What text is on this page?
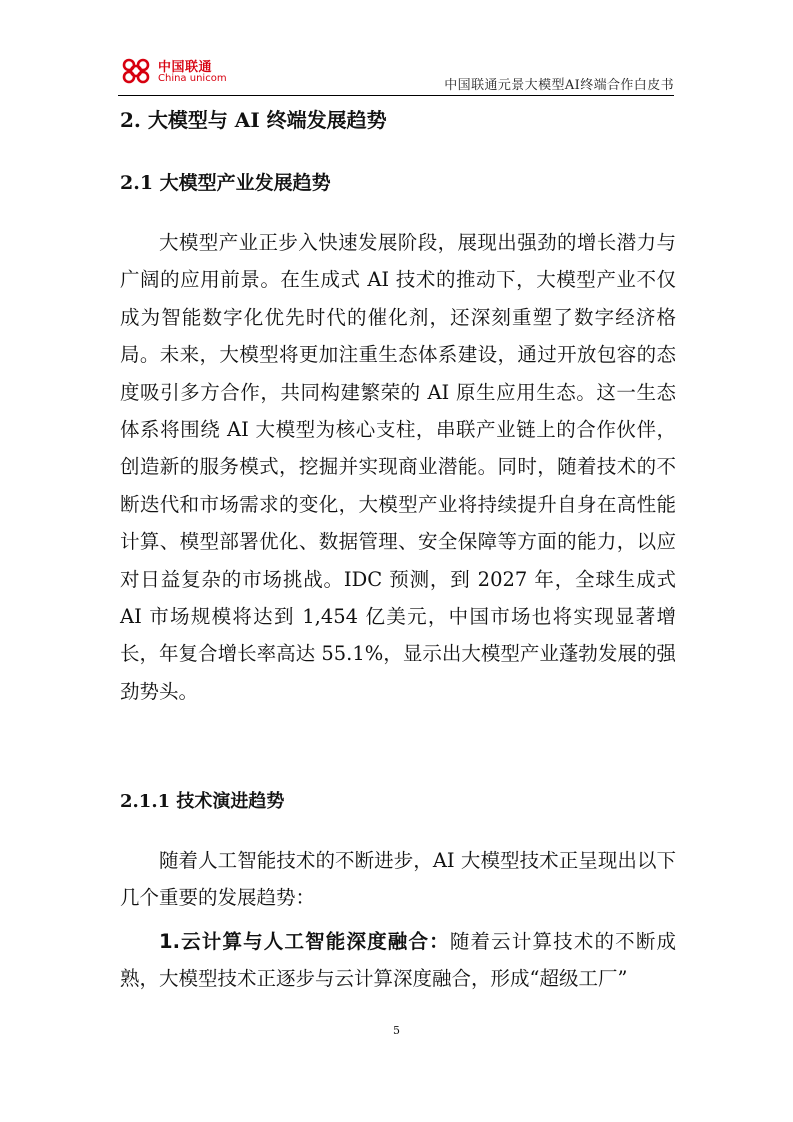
中国联通
China unicom	中国联通元景大模型AI终端合作白皮书
2. 大模型与 AI 终端发展趋势
2.1 大模型产业发展趋势

大模型产业正步入快速发展阶段，展现出强劲的增长潜力与广阔的应用前景。在生成式 AI 技术的推动下，大模型产业不仅成为智能数字化优先时代的催化剂，还深刻重塑了数字经济格局。未来，大模型将更加注重生态体系建设，通过开放包容的态度吸引多方合作，共同构建繁荣的 AI 原生应用生态。这一生态体系将围绕 AI 大模型为核心支柱，串联产业链上的合作伙伴，创造新的服务模式，挖掘并实现商业潜能。同时，随着技术的不断迭代和市场需求的变化，大模型产业将持续提升自身在高性能计算、模型部署优化、数据管理、安全保障等方面的能力，以应对日益复杂的市场挑战。IDC 预测，到 2027 年，全球生成式 AI 市场规模将达到 1,454 亿美元，中国市场也将实现显著增长，年复合增长率高达 55.1%，显示出大模型产业蓬勃发展的强劲势头。

2.1.1 技术演进趋势

随着人工智能技术的不断进步，AI 大模型技术正呈现出以下几个重要的发展趋势：

1.云计算与人工智能深度融合：随着云计算技术的不断成熟，大模型技术正逐步与云计算深度融合，形成“超级工厂”

5
